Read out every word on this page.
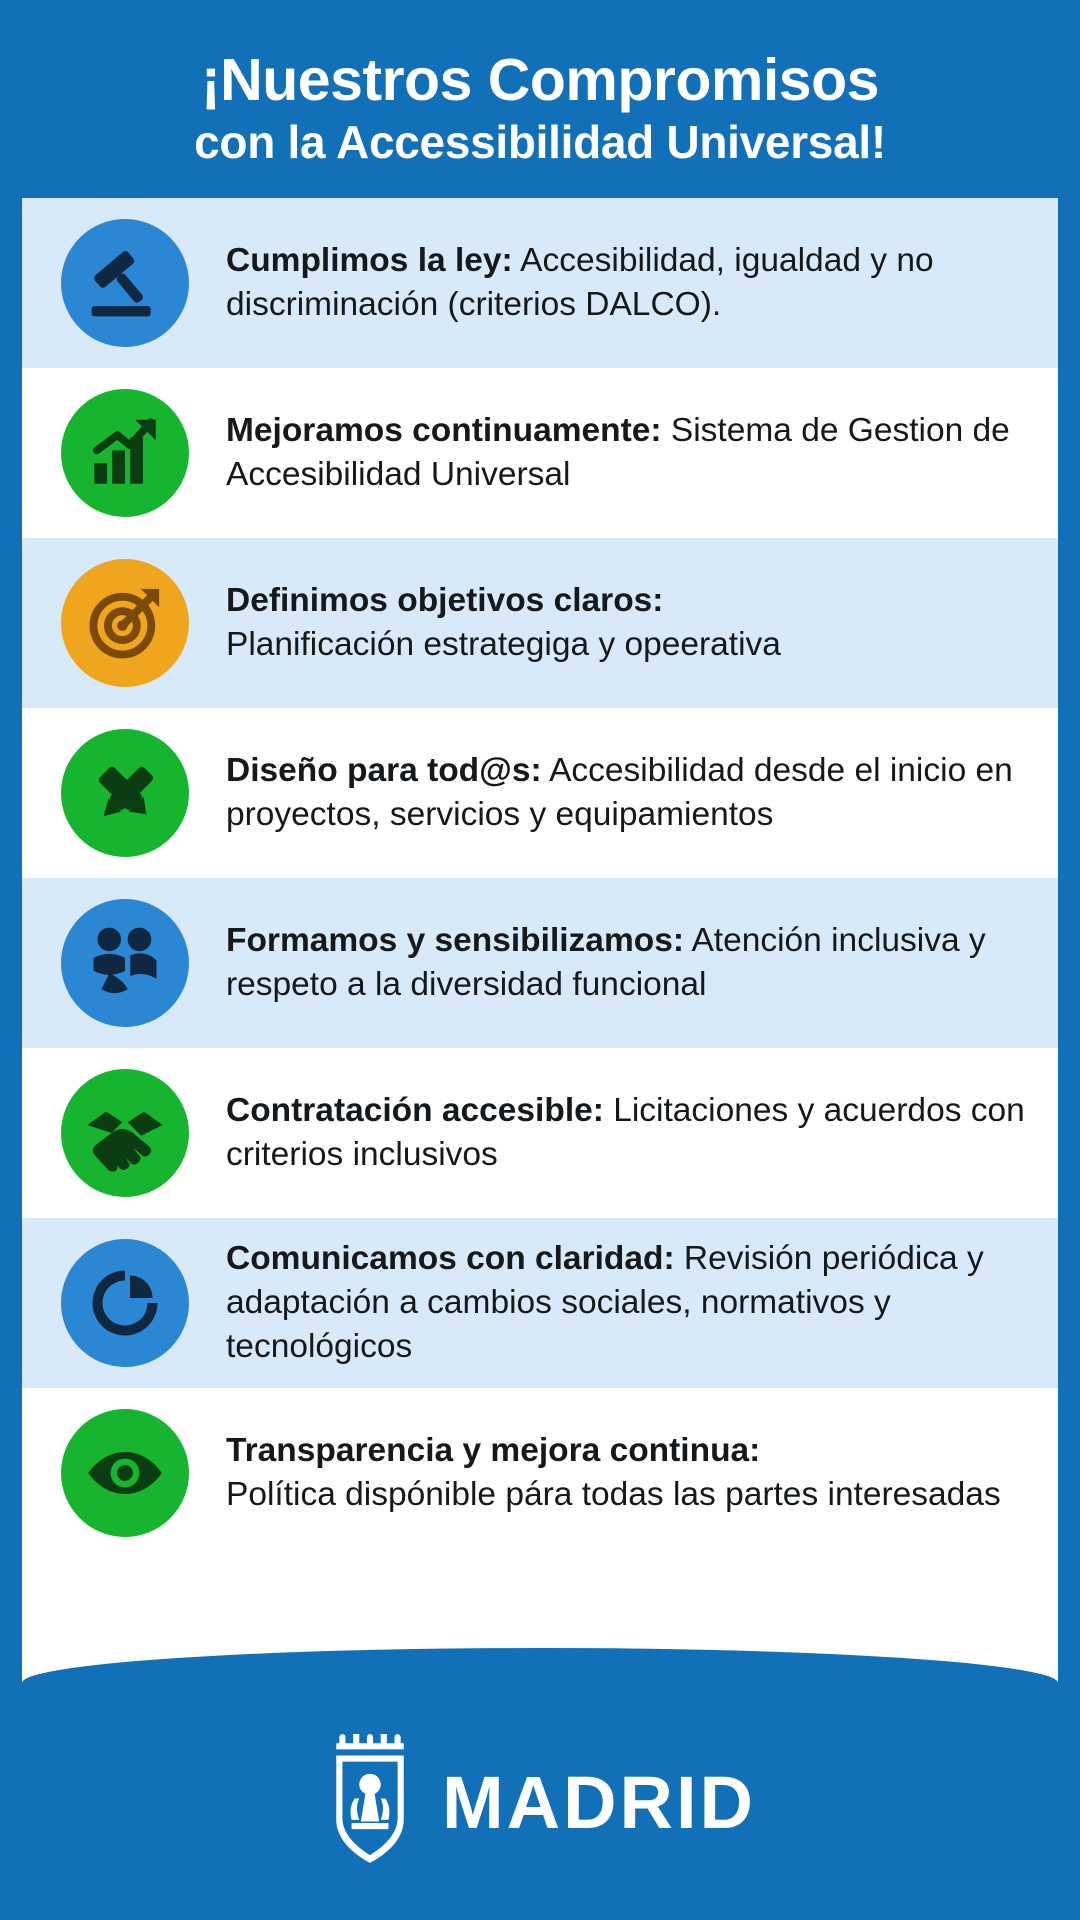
¡Nuestros Compromisos
con la Accessibilidad Universal!
Cumplimos la ley: Accesibilidad, igualdad y no discriminación (criterios DALCO).
Mejoramos continuamente: Sistema de Gestion de Accesibilidad Universal
Definimos objetivos claros:
Planificación estrategiga y opeerativa
Diseño para tod@s: Accesibilidad desde el inicio en proyectos, servicios y equipamientos
Formamos y sensibilizamos: Atención inclusiva y respeto a la diversidad funcional
Contratación accesible: Licitaciones y acuerdos con criterios inclusivos
Comunicamos con claridad: Revisión periódica y adaptación a cambios sociales, normativos y tecnológicos
Transparencia y mejora continua:
Política dispónible pára todas las partes interesadas
MADRID
